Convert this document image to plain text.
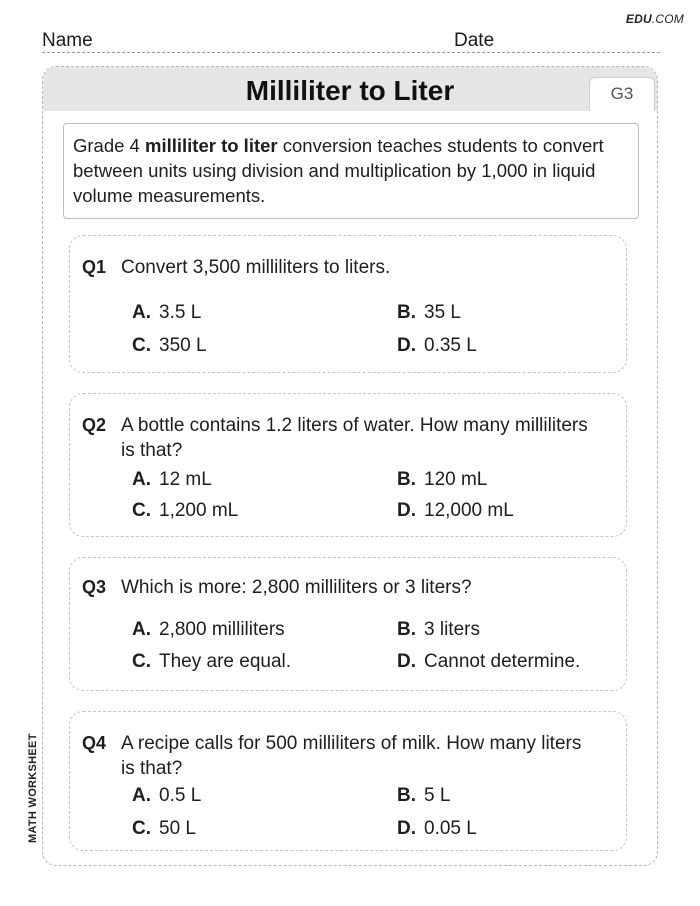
EDU.COM
Name	Date
MATH WORKSHEET
Milliliter to Liter	G3
Grade 4 milliliter to liter conversion teaches students to convert between units using division and multiplication by 1,000 in liquid volume measurements.
Q1 Convert 3,500 milliliters to liters.
A. 3.5 L	B. 35 L
C. 350 L	D. 0.35 L
Q2 A bottle contains 1.2 liters of water. How many milliliters is that?
A. 12 mL	B. 120 mL
C. 1,200 mL	D. 12,000 mL
Q3 Which is more: 2,800 milliliters or 3 liters?
A. 2,800 milliliters	B. 3 liters
C. They are equal.	D. Cannot determine.
Q4 A recipe calls for 500 milliliters of milk. How many liters is that?
A. 0.5 L	B. 5 L
C. 50 L	D. 0.05 L
